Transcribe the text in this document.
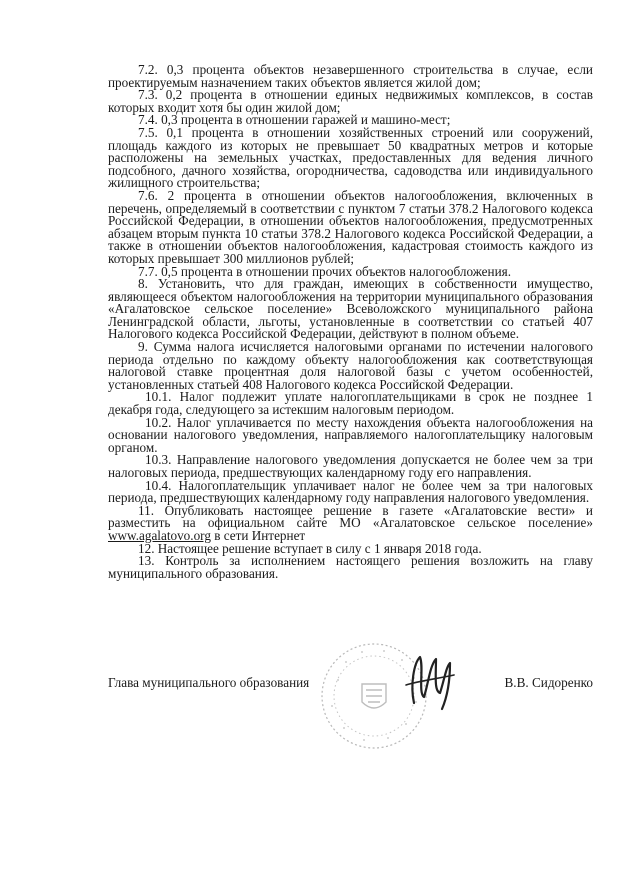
7.2. 0,3 процента объектов незавершенного строительства в случае, если проектируемым назначением таких объектов является жилой дом;

7.3. 0,2 процента в отношении единых недвижимых комплексов, в состав которых входит хотя бы один жилой дом;

7.4. 0,3 процента в отношении гаражей и машино-мест;

7.5. 0,1 процента в отношении хозяйственных строений или сооружений, площадь каждого из которых не превышает 50 квадратных метров и которые расположены на земельных участках, предоставленных для ведения личного подсобного, дачного хозяйства, огородничества, садоводства или индивидуального жилищного строительства;

7.6. 2 процента в отношении объектов налогообложения, включенных в перечень, определяемый в соответствии с пунктом 7 статьи 378.2 Налогового кодекса Российской Федерации, в отношении объектов налогообложения, предусмотренных абзацем вторым пункта 10 статьи 378.2 Налогового кодекса Российской Федерации, а также в отношении объектов налогообложения, кадастровая стоимость каждого из которых превышает 300 миллионов рублей;

7.7. 0,5 процента в отношении прочих объектов налогообложения.

8. Установить, что для граждан, имеющих в собственности имущество, являющееся объектом налогообложения на территории муниципального образования «Агалатовское сельское поселение» Всеволожского муниципального района Ленинградской области, льготы, установленные в соответствии со статьей 407 Налогового кодекса Российской Федерации, действуют в полном объеме.

9. Сумма налога исчисляется налоговыми органами по истечении налогового периода отдельно по каждому объекту налогообложения как соответствующая налоговой ставке процентная доля налоговой базы с учетом особенностей, установленных статьей 408 Налогового кодекса Российской Федерации.

10.1. Налог подлежит уплате налогоплательщиками в срок не позднее 1 декабря года, следующего за истекшим налоговым периодом.

10.2. Налог уплачивается по месту нахождения объекта налогообложения на основании налогового уведомления, направляемого налогоплательщику налоговым органом.

10.3. Направление налогового уведомления допускается не более чем за три налоговых периода, предшествующих календарному году его направления.

10.4. Налогоплательщик уплачивает налог не более чем за три налоговых периода, предшествующих календарному году направления налогового уведомления.

11. Опубликовать настоящее решение в газете «Агалатовские вести» и разместить на официальном сайте МО «Агалатовское сельское поселение» www.agalatovo.org в сети Интернет

12. Настоящее решение вступает в силу с 1 января 2018 года.

13. Контроль за исполнением настоящего решения возложить на главу муниципального образования.

Глава муниципального образования	В.В. Сидоренко
